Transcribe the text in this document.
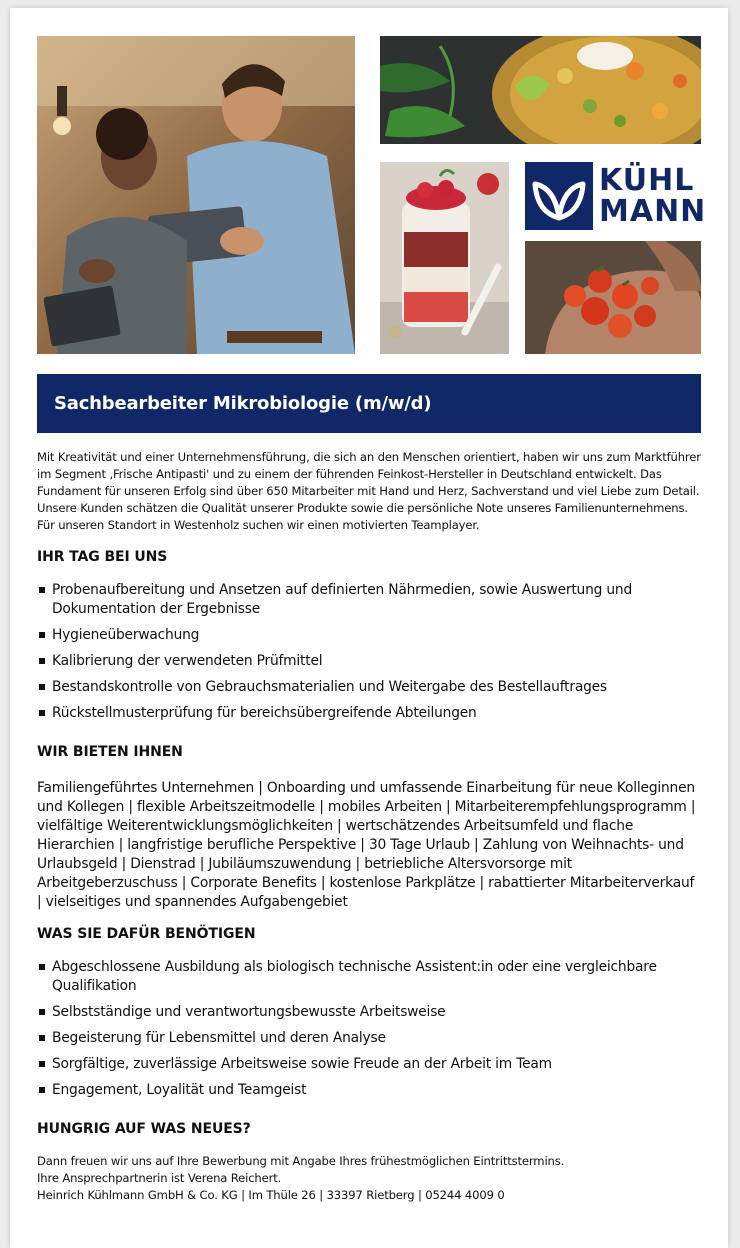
KÜHL
MANN
Sachbearbeiter Mikrobiologie (m/w/d)

Mit Kreativität und einer Unternehmensführung, die sich an den Menschen orientiert, haben wir uns zum Marktführer im Segment ‚Frische Antipasti' und zu einem der führenden Feinkost-Hersteller in Deutschland entwickelt. Das Fundament für unseren Erfolg sind über 650 Mitarbeiter mit Hand und Herz, Sachverstand und viel Liebe zum Detail. Unsere Kunden schätzen die Qualität unserer Produkte sowie die persönliche Note unseres Familienunternehmens. Für unseren Standort in Westenholz suchen wir einen motivierten Teamplayer.

IHR TAG BEI UNS
Probenaufbereitung und Ansetzen auf definierten Nährmedien, sowie Auswertung und Dokumentation der Ergebnisse
Hygieneüberwachung
Kalibrierung der verwendeten Prüfmittel
Bestandskontrolle von Gebrauchsmaterialien und Weitergabe des Bestellauftrages
Rückstellmusterprüfung für bereichsübergreifende Abteilungen
WIR BIETEN IHNEN

Familiengeführtes Unternehmen | Onboarding und umfassende Einarbeitung für neue Kolleginnen und Kollegen | flexible Arbeitszeitmodelle | mobiles Arbeiten | Mitarbeiterempfehlungsprogramm | vielfältige Weiterentwicklungsmöglichkeiten | wertschätzendes Arbeitsumfeld und flache Hierarchien | langfristige berufliche Perspektive | 30 Tage Urlaub | Zahlung von Weihnachts- und Urlaubsgeld | Dienstrad | Jubiläumszuwendung | betriebliche Altersvorsorge mit Arbeitgeberzuschuss | Corporate Benefits | kostenlose Parkplätze | rabattierter Mitarbeiterverkauf | vielseitiges und spannendes Aufgabengebiet

WAS SIE DAFÜR BENÖTIGEN
Abgeschlossene Ausbildung als biologisch technische Assistent:in oder eine vergleichbare Qualifikation
Selbstständige und verantwortungsbewusste Arbeitsweise
Begeisterung für Lebensmittel und deren Analyse
Sorgfältige, zuverlässige Arbeitsweise sowie Freude an der Arbeit im Team
Engagement, Loyalität und Teamgeist
HUNGRIG AUF WAS NEUES?
Dann freuen wir uns auf Ihre Bewerbung mit Angabe Ihres frühestmöglichen Eintrittstermins.
Ihre Ansprechpartnerin ist Verena Reichert.
Heinrich Kühlmann GmbH & Co. KG | Im Thüle 26 | 33397 Rietberg | 05244 4009 0
